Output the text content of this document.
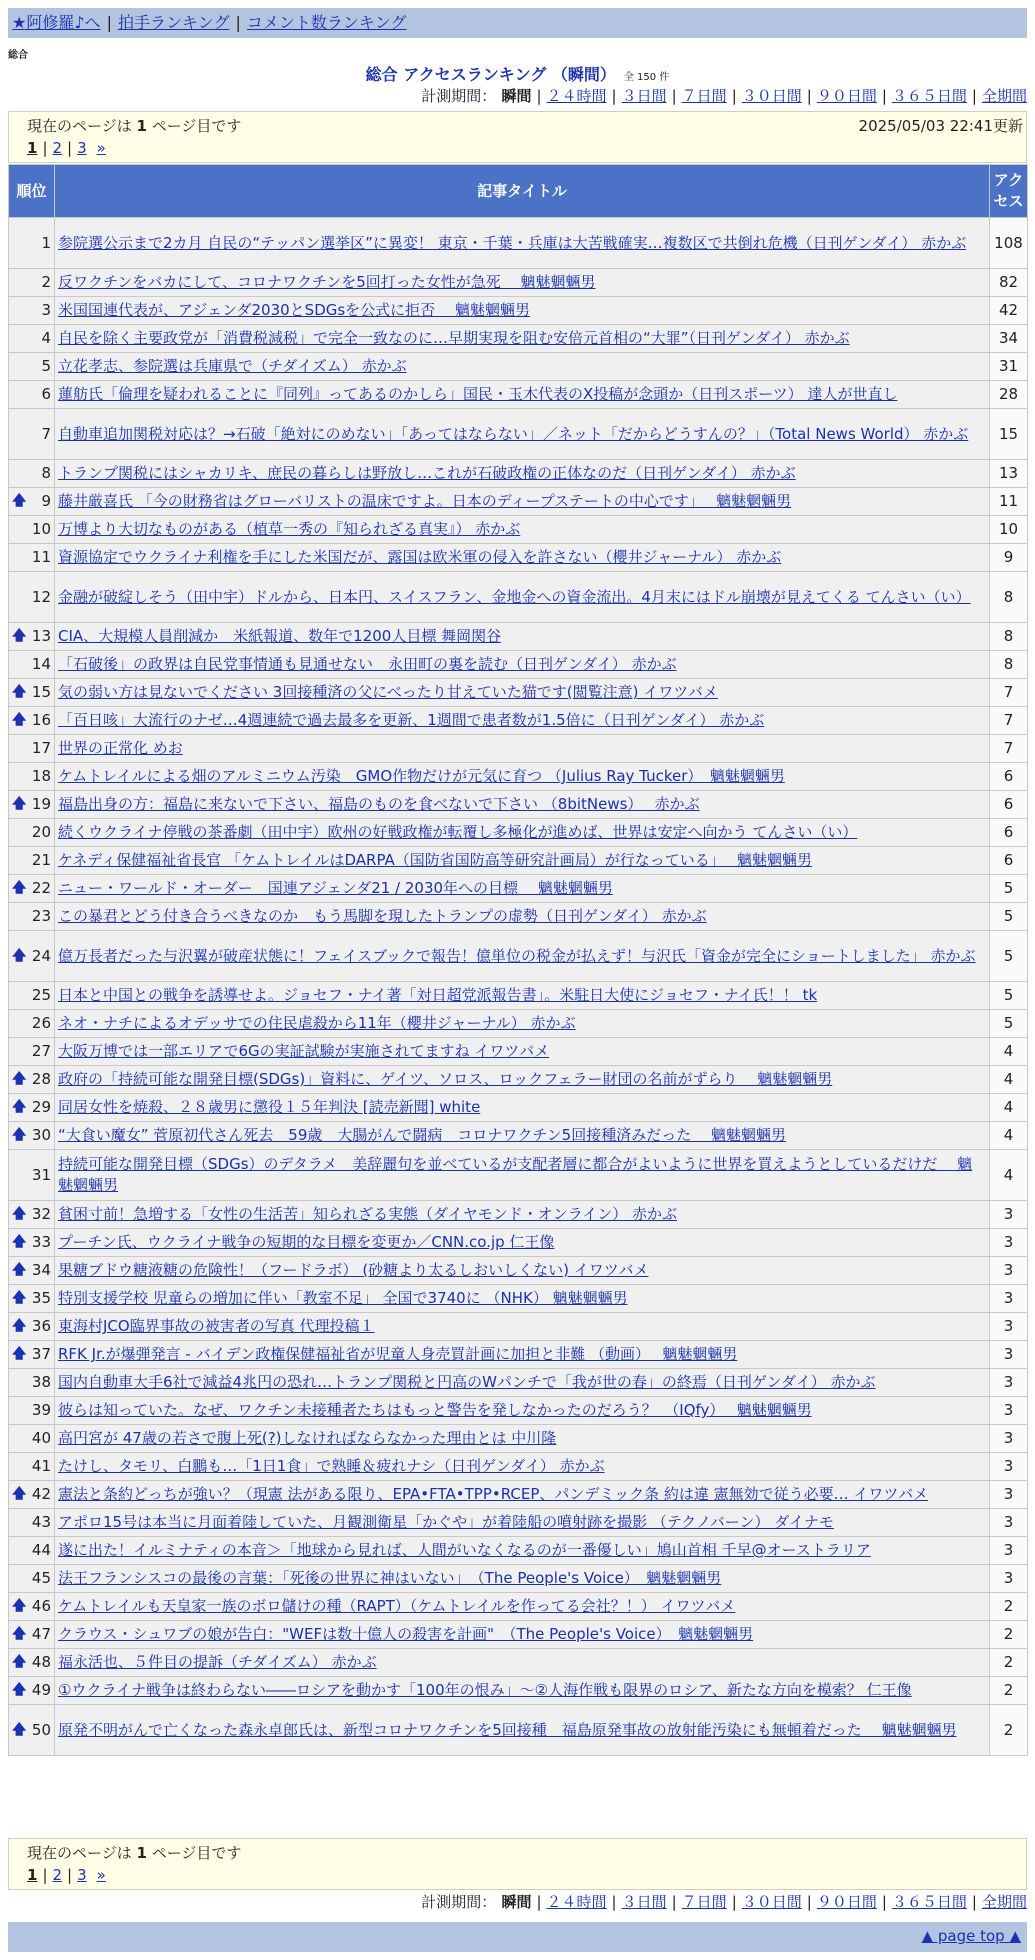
★阿修羅♪へ | 拍手ランキング | コメント数ランキング
総合
総合 アクセスランキング （瞬間） 全 150 件
計測期間： 瞬間 | ２４時間 | ３日間 | ７日間 | ３０日間 | ９０日間 | ３６５日間 | 全期間
現在のページは 1 ページ目です	2025/05/03 22:41更新
1 | 2 | 3 »
順位	記事タイトル	アクセス
1	参院選公示まで2カ月 自民の“テッパン選挙区”に異変！ 東京・千葉・兵庫は大苦戦確実…複数区で共倒れ危機（日刊ゲンダイ） 赤かぶ	108
2	反ワクチンをバカにして、コロナワクチンを5回打った女性が急死　 魑魅魍魎男	82
3	米国国連代表が、アジェンダ2030とSDGsを公式に拒否　 魑魅魍魎男	42
4	自民を除く主要政党が「消費税減税」で完全一致なのに…早期実現を阻む安倍元首相の“大罪”（日刊ゲンダイ） 赤かぶ	34
5	立花孝志、参院選は兵庫県で（チダイズム） 赤かぶ	31
6	蓮舫氏「倫理を疑われることに『同列』ってあるのかしら」国民・玉木代表のX投稿が念頭か（日刊スポーツ） 達人が世直し	28
7	自動車追加関税対応は？→石破「絶対にのめない」「あってはならない」／ネット「だからどうすんの？」（Total News World） 赤かぶ	15
8	トランプ関税にはシャカリキ、庶民の暮らしは野放し…これが石破政権の正体なのだ（日刊ゲンダイ） 赤かぶ	13

🡅 9	藤井厳喜氏 「今の財務省はグローバリストの温床ですよ。日本のディープステートの中心です」　 魑魅魍魎男	11
10	万博より大切なものがある（植草一秀の『知られざる真実』） 赤かぶ	10
11	資源協定でウクライナ利権を手にした米国だが、露国は欧米軍の侵入を許さない（櫻井ジャーナル） 赤かぶ	9
12	金融が破綻しそう（田中宇）ドルから、日本円、スイスフラン、金地金への資金流出。4月末にはドル崩壊が見えてくる てんさい（い）	8

🡅 13	CIA、大規模人員削減か　米紙報道、数年で1200人目標 舞岡関谷	8
14	「石破後」の政界は自民党事情通も見通せない　永田町の裏を読む（日刊ゲンダイ） 赤かぶ	8

🡅 15	気の弱い方は見ないでください 3回接種済の父にべったり甘えていた猫です(閲覧注意) イワツバメ	7

🡅 16	「百日咳」大流行のナゼ…4週連続で過去最多を更新、1週間で患者数が1.5倍に（日刊ゲンダイ） 赤かぶ	7
17	世界の正常化 めお	7
18	ケムトレイルによる畑のアルミニウム汚染　GMO作物だけが元気に育つ （Julius Ray Tucker）　魑魅魍魎男	6

🡅 19	福島出身の方：福島に来ないで下さい、福島のものを食べないで下さい （8bitNews）　 赤かぶ	6
20	続くウクライナ停戦の茶番劇（田中宇）欧州の好戦政権が転覆し多極化が進めば、世界は安定へ向かう てんさい（い）	6
21	ケネディ保健福祉省長官 「ケムトレイルはDARPA（国防省国防高等研究計画局）が行なっている」　 魑魅魍魎男	6

🡅 22	ニュー・ワールド・オーダー　国連アジェンダ21 / 2030年への目標　 魑魅魍魎男	5
23	この暴君とどう付き合うべきなのか　もう馬脚を現したトランプの虚勢（日刊ゲンダイ） 赤かぶ	5

🡅 24	億万長者だった与沢翼が破産状態に！フェイスブックで報告！億単位の税金が払えず！与沢氏「資金が完全にショートしました」 赤かぶ	5
25	日本と中国との戦争を誘導せよ。ジョセフ・ナイ著「対日超党派報告書」。米駐日大使にジョセフ・ナイ氏！！ tk	5
26	ネオ・ナチによるオデッサでの住民虐殺から11年（櫻井ジャーナル） 赤かぶ	5
27	大阪万博では一部エリアで6Gの実証試験が実施されてますね イワツバメ	4

🡅 28	政府の「持続可能な開発目標(SDGs)」資料に、ゲイツ、ソロス、ロックフェラー財団の名前がずらり　 魑魅魍魎男	4

🡅 29	同居女性を焼殺、２８歳男に懲役１５年判決 [読売新聞] white	4

🡅 30	“大食い魔女” 菅原初代さん死去　59歳　大腸がんで闘病　コロナワクチン5回接種済みだった　 魑魅魍魎男	4
31	持続可能な開発目標（SDGs）のデタラメ　美辞麗句を並べているが支配者層に都合がよいように世界を買えようとしているだけだ　 魑魅魍魎男	4

🡅 32	貧困寸前！急増する「女性の生活苦」知られざる実態（ダイヤモンド・オンライン） 赤かぶ	3

🡅 33	プーチン氏、ウクライナ戦争の短期的な目標を変更か／CNN.co.jp 仁王像	3

🡅 34	果糖ブドウ糖液糖の危険性！（フードラボ） (砂糖より太るしおいしくない) イワツバメ	3

🡅 35	特別支援学校 児童らの増加に伴い「教室不足」 全国で3740に （NHK） 魑魅魍魎男	3

🡅 36	東海村JCO臨界事故の被害者の写真 代理投稿１	3

🡅 37	RFK Jr.が爆弾発言 - バイデン政権保健福祉省が児童人身売買計画に加担と非難 （動画）　 魑魅魍魎男	3
38	国内自動車大手6社で減益4兆円の恐れ…トランプ関税と円高のWパンチで「我が世の春」の終焉（日刊ゲンダイ） 赤かぶ	3
39	彼らは知っていた。なぜ、ワクチン未接種者たちはもっと警告を発しなかったのだろう？　（IQfy）　 魑魅魍魎男	3
40	高円宮が 47歳の若さで腹上死(?)しなければならなかった理由とは 中川隆	3
41	たけし、タモリ、白鵬も…「1日1食」で熟睡＆疲れナシ（日刊ゲンダイ） 赤かぶ	3

🡅 42	憲法と条約どっちが強い？（現憲 法がある限り、EPA•FTA•TPP•RCEP、パンデミック条 約は違 憲無効で従う必要… イワツバメ	3
43	アポロ15号は本当に月面着陸していた、月観測衛星「かぐや」が着陸船の噴射跡を撮影 （テクノバーン） ダイナモ	3
44	遂に出た！イルミナティの本音＞「地球から見れば、人間がいなくなるのが一番優しい」鳩山首相 千早@オーストラリア	3
45	法王フランシスコの最後の言葉：「死後の世界に神はいない」　（The People's Voice）　魑魅魍魎男	3

🡅 46	ケムトレイルも天皇家一族のボロ儲けの種（RAPT）（ケムトレイルを作ってる会社？！） イワツバメ	2

🡅 47	クラウス・シュワブの娘が告白："WEFは数十億人の殺害を計画"　（The People's Voice）　魑魅魍魎男	2

🡅 48	福永活也、５件目の提訴（チダイズム） 赤かぶ	2

🡅 49	①ウクライナ戦争は終わらない――ロシアを動かす「100年の恨み」～②人海作戦も限界のロシア、新たな方向を模索？ 仁王像	2

🡅 50	原発不明がんで亡くなった森永卓郎氏は、新型コロナワクチンを5回接種　福島原発事故の放射能汚染にも無頓着だった　 魑魅魍魎男	2
現在のページは 1 ページ目です
1 | 2 | 3 »
計測期間： 瞬間 | ２４時間 | ３日間 | ７日間 | ３０日間 | ９０日間 | ３６５日間 | 全期間
▲ page top ▲
